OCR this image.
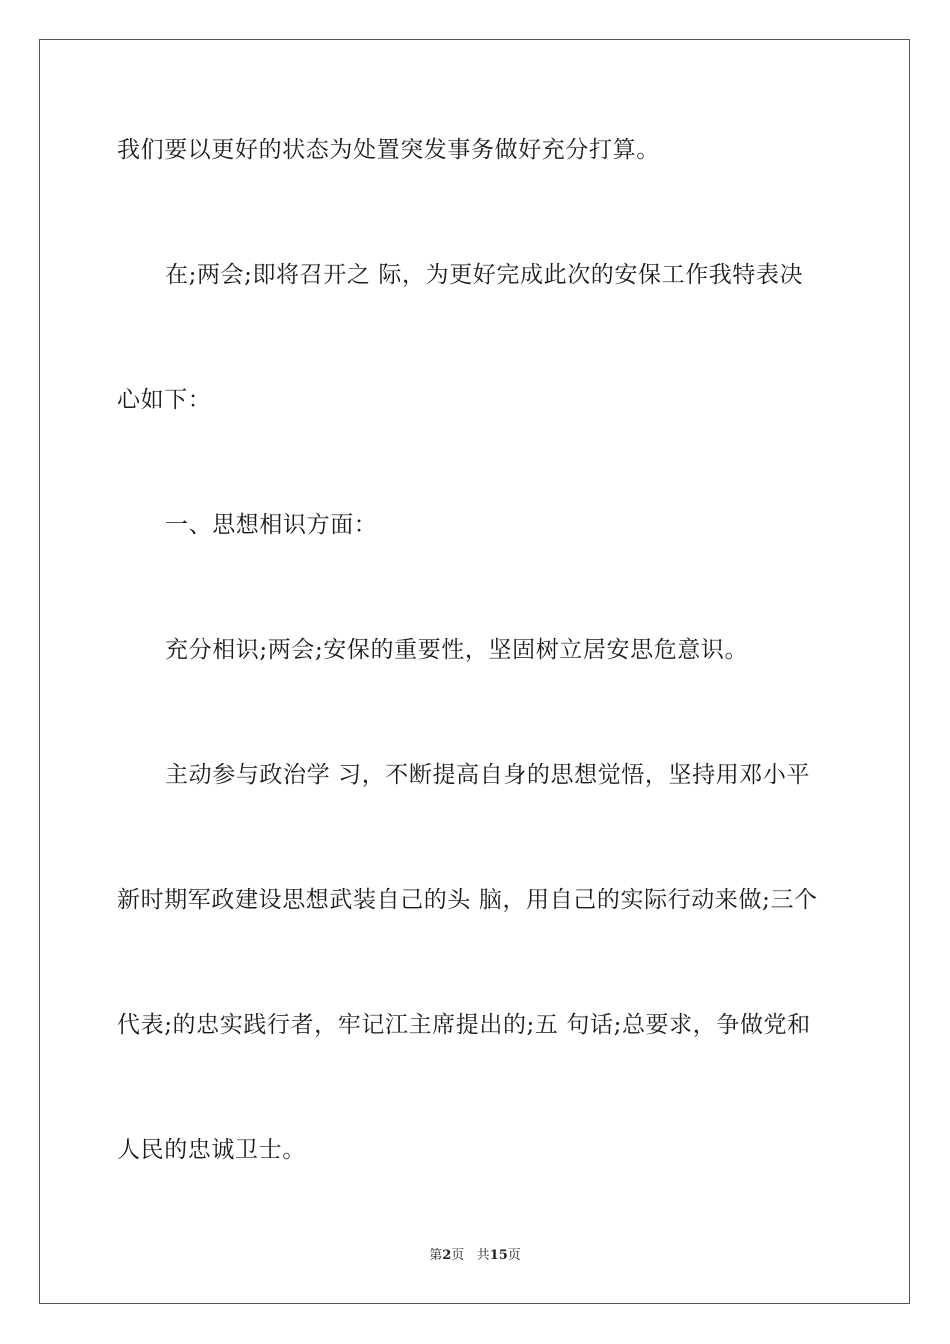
我们要以更好的状态为处置突发事务做好充分打算。
在;两会;即将召开之 际，为更好完成此次的安保工作我特表决
心如下：
一、思想相识方面：
充分相识;两会;安保的重要性，坚固树立居安思危意识。
主动参与政治学 习，不断提高自身的思想觉悟，坚持用邓小平
新时期军政建设思想武装自己的头 脑，用自己的实际行动来做;三个
代表;的忠实践行者，牢记江主席提出的;五 句话;总要求，争做党和
人民的忠诚卫士。
第2页 共15页
